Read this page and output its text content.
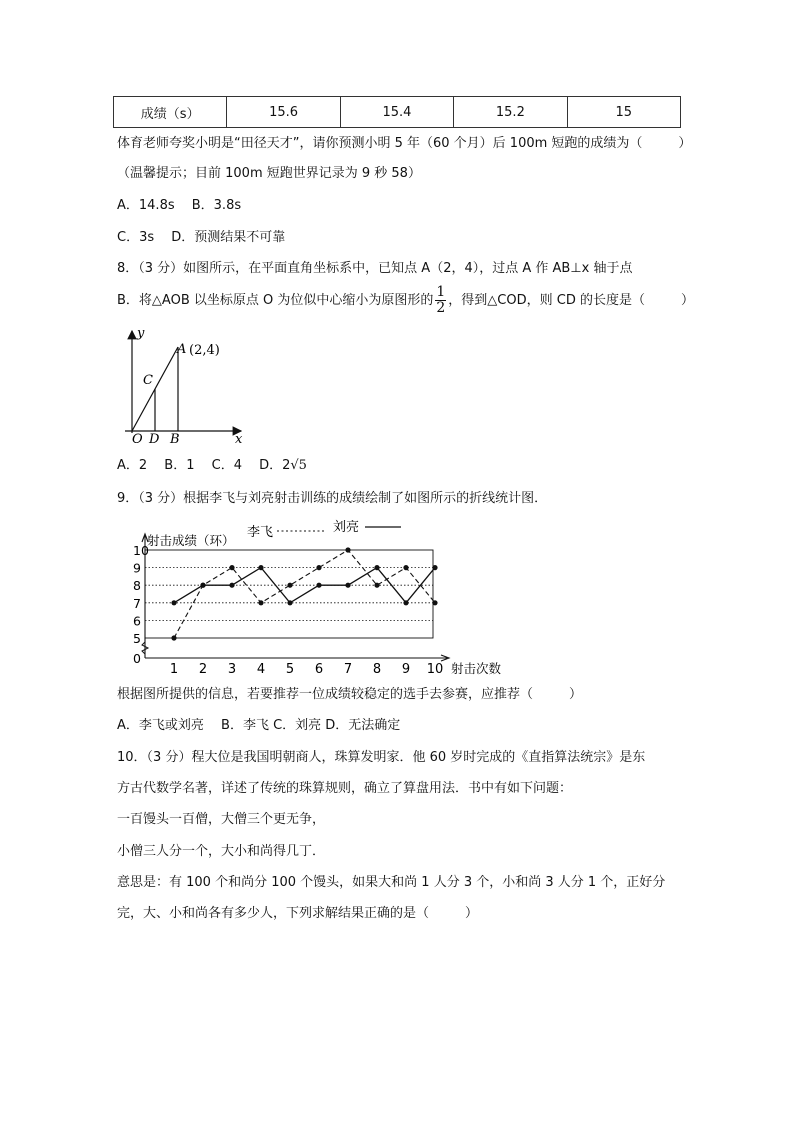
成绩（s）	15.6	15.4	15.2	15
体育老师夸奖小明是“田径天才”，请你预测小明 5 年（60 个月）后 100m 短跑的成绩为（	）
（温馨提示；目前 100m 短跑世界记录为 9 秒 58）
A．14.8s　 B．3.8s
C．3s　 D．预测结果不可靠
8．（3 分）如图所示，在平面直角坐标系中，已知点 A（2，4），过点 A 作 AB⊥x 轴于点
B．将△AOB 以坐标原点 O 为位似中心缩小为原图形的 $\frac{1}{2}$ ，得到△COD，则 CD 的长度是（	）
y
x
A (2,4)
C
O D B
A．2　 B．1　 C．4　 D．2√5
9．（3 分）根据李飞与刘亮射击训练的成绩绘制了如图所示的折线统计图．
射击成绩（环）
李飞	刘亮
0
5
6
7
8
9
10
1 2 3 4 5 6 7 8 9 10 射击次数
根据图所提供的信息，若要推荐一位成绩较稳定的选手去参赛，应推荐（	）
A．李飞或刘亮　 B．李飞 C．刘亮 D．无法确定
10．（3 分）程大位是我国明朝商人，珠算发明家．他 60 岁时完成的《直指算法统宗》是东
方古代数学名著，详述了传统的珠算规则，确立了算盘用法．书中有如下问题：
一百馒头一百僧，大僧三个更无争，
小僧三人分一个，大小和尚得几丁．
意思是：有 100 个和尚分 100 个馒头，如果大和尚 1 人分 3 个，小和尚 3 人分 1 个，正好分
完，大、小和尚各有多少人，下列求解结果正确的是（	）
